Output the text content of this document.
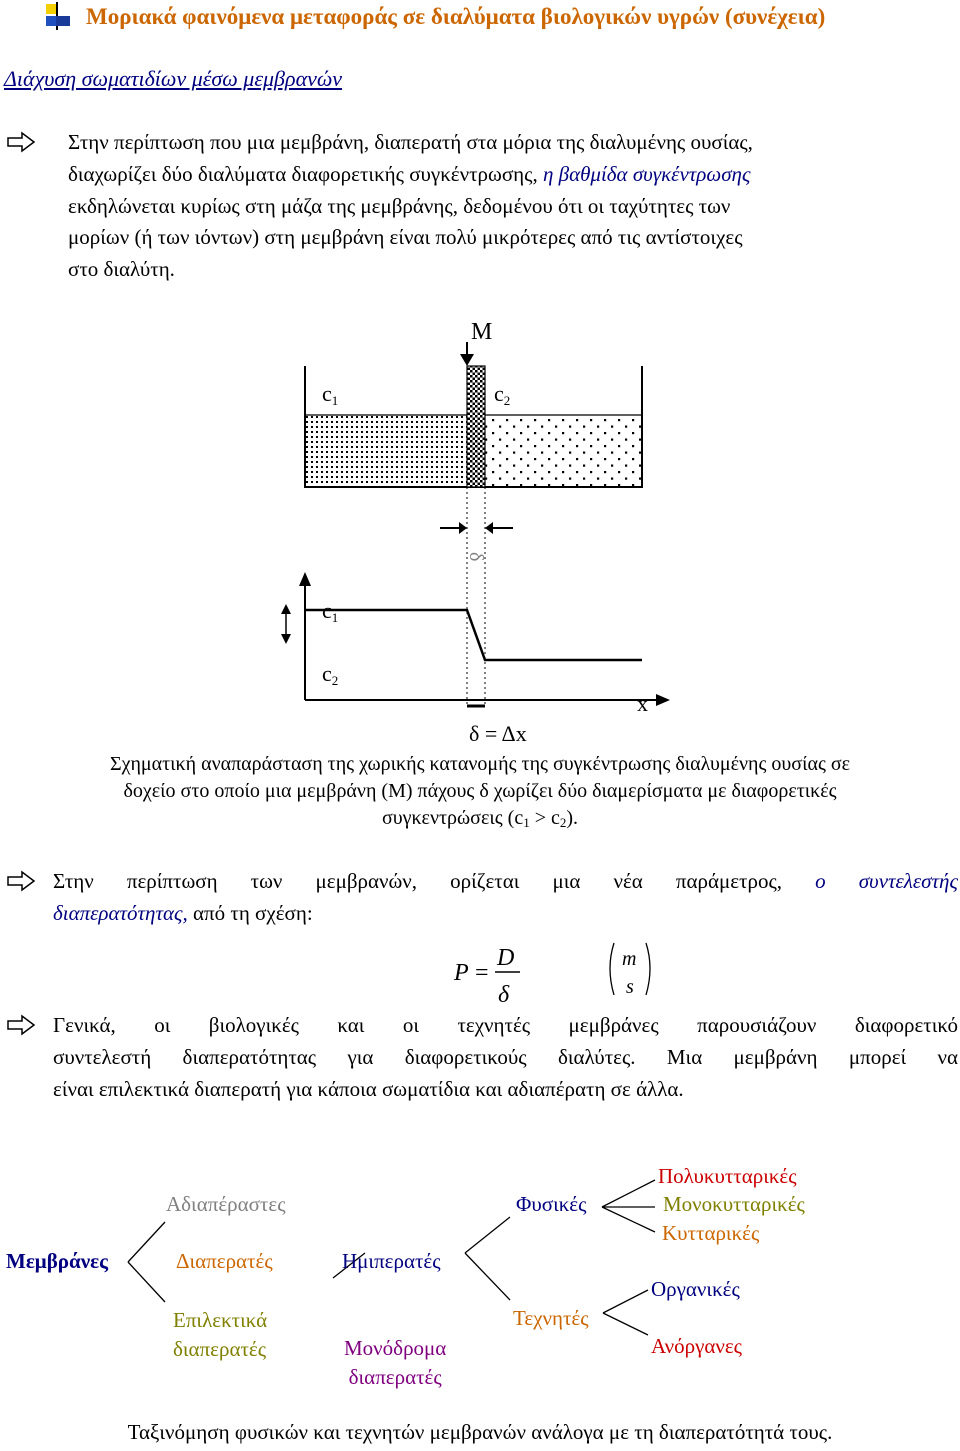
Μοριακά φαινόμενα μεταφοράς σε διαλύματα βιολογικών υγρών (συνέχεια)
Διάχυση σωματιδίων μέσω μεμβρανών
Στην περίπτωση που μια μεμβράνη, διαπερατή στα μόρια της διαλυμένης ουσίας,
διαχωρίζει δύο διαλύματα διαφορετικής συγκέντρωσης, η βαθμίδα συγκέντρωσης
εκδηλώνεται κυρίως στη μάζα της μεμβράνης, δεδομένου ότι οι ταχύτητες των
μορίων (ή των ιόντων) στη μεμβράνη είναι πολύ μικρότερες από τις αντίστοιχες
στο διαλύτη.
M
c1	c2
δ
c1
c2
x
δ = Δx
Σχηματική αναπαράσταση της χωρικής κατανομής της συγκέντρωσης διαλυμένης ουσίας σε
δοχείο στο οποίο μια μεμβράνη (Μ) πάχους δ χωρίζει δύο διαμερίσματα με διαφορετικές
συγκεντρώσεις $(c_1 > c_2)$.
Στην περίπτωση των μεμβρανών, ορίζεται μια νέα παράμετρος, ο συντελεστής
διαπερατότητας, από τη σχέση:
P =
D
δ
m
s
Γενικά, οι βιολογικές και οι τεχνητές μεμβράνες παρουσιάζουν διαφορετικό
συντελεστή διαπερατότητας για διαφορετικούς διαλύτες. Μια μεμβράνη μπορεί να
είναι επιλεκτικά διαπερατή για κάποια σωματίδια και αδιαπέρατη σε άλλα.
Μεμβράνες
Αδιαπέραστες
Διαπερατές
Επιλεκτικά
διαπερατές
Ημιπερατές
Μονόδρομα
διαπερατές
Φυσικές
Τεχνητές
Πολυκυτταρικές
Μονοκυτταρικές
Κυτταρικές
Οργανικές
Ανόργανες
Ταξινόμηση φυσικών και τεχνητών μεμβρανών ανάλογα με τη διαπερατότητά τους.
